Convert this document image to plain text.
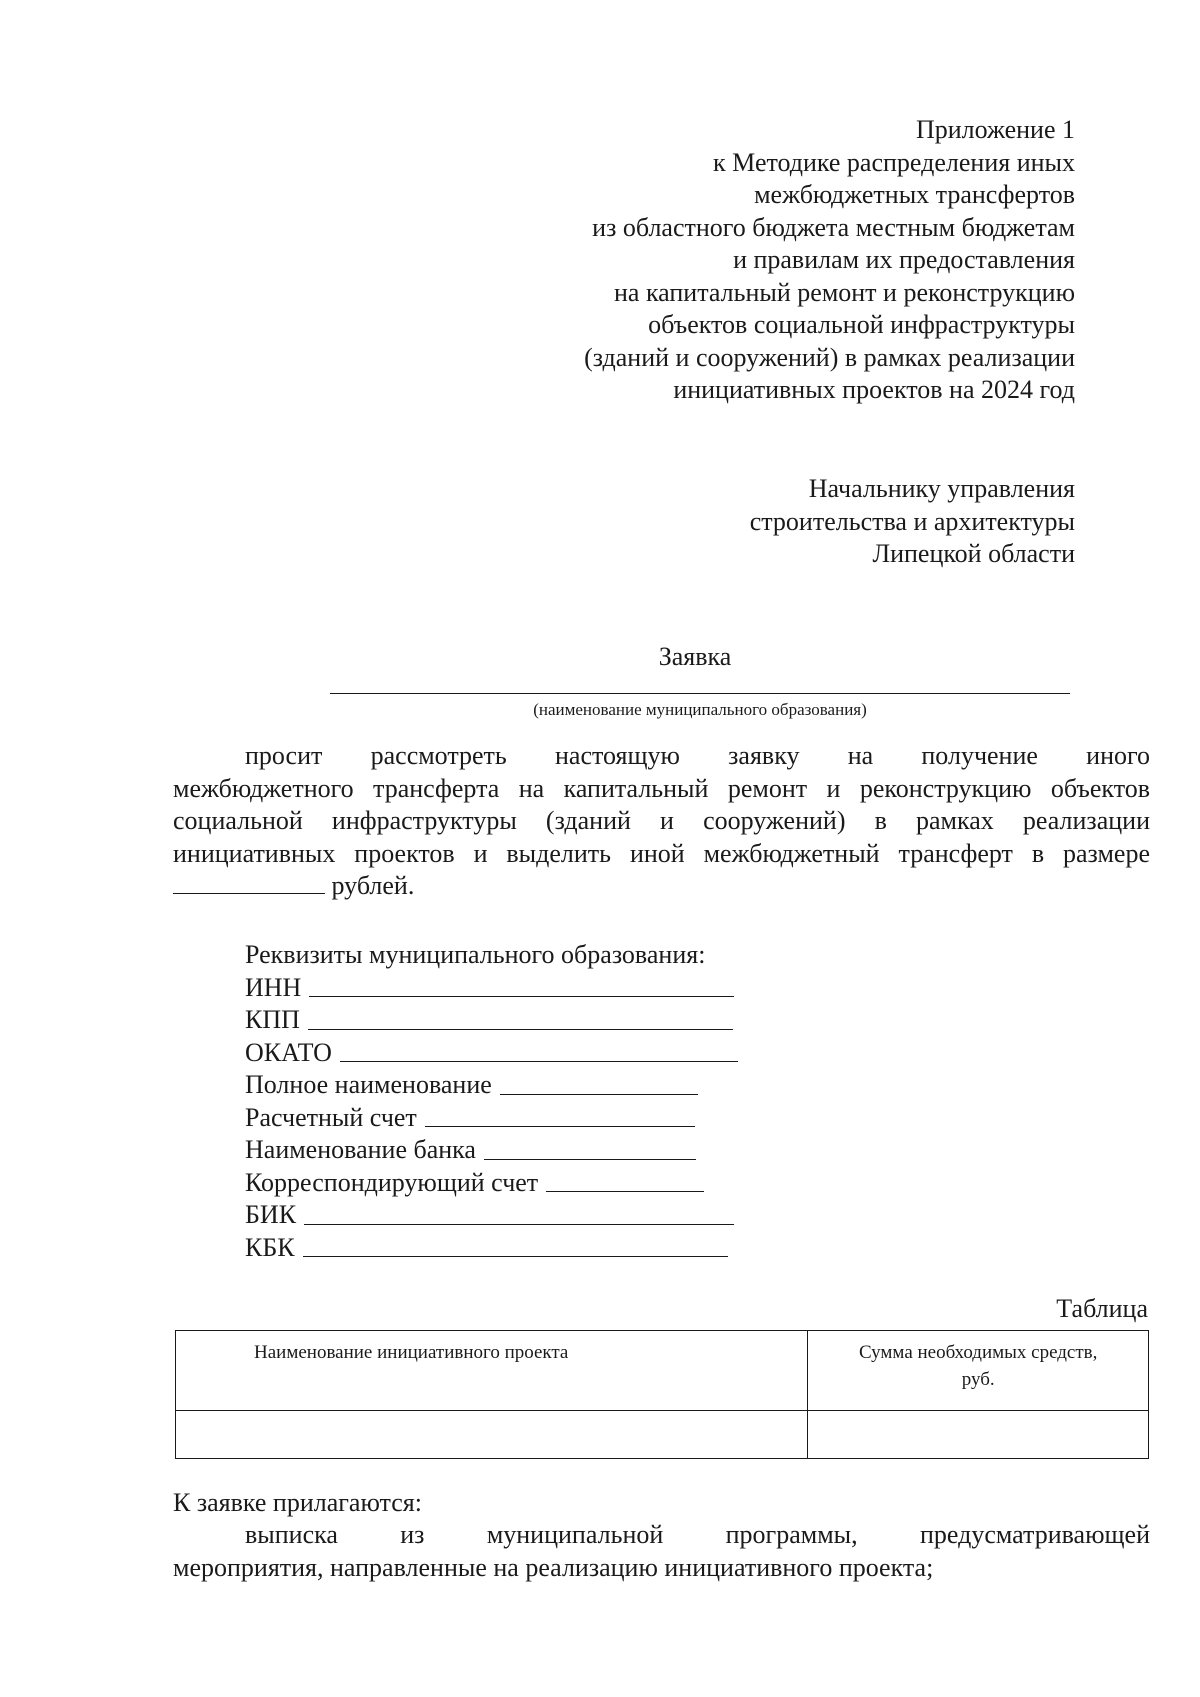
Приложение 1
к Методике распределения иных
межбюджетных трансфертов
из областного бюджета местным бюджетам
и правилам их предоставления
на капитальный ремонт и реконструкцию
объектов социальной инфраструктуры
(зданий и сооружений) в рамках реализации
инициативных проектов на 2024 год
Начальнику управления
строительства и архитектуры
Липецкой области
Заявка
(наименование муниципального образования)
просит рассмотреть настоящую заявку на получение иного
межбюджетного трансферта на капитальный ремонт и реконструкцию объектов
социальной инфраструктуры (зданий и сооружений) в рамках реализации
инициативных проектов и выделить иной межбюджетный трансферт в размере
рублей.
Реквизиты муниципального образования:
ИНН
КПП
ОКАТО
Полное наименование
Расчетный счет
Наименование банка
Корреспондирующий счет
БИК
КБК
Таблица
Наименование инициативного проекта	Сумма необходимых средств,
руб.

К заявке прилагаются:
выписка из муниципальной программы, предусматривающей
мероприятия, направленные на реализацию инициативного проекта;
